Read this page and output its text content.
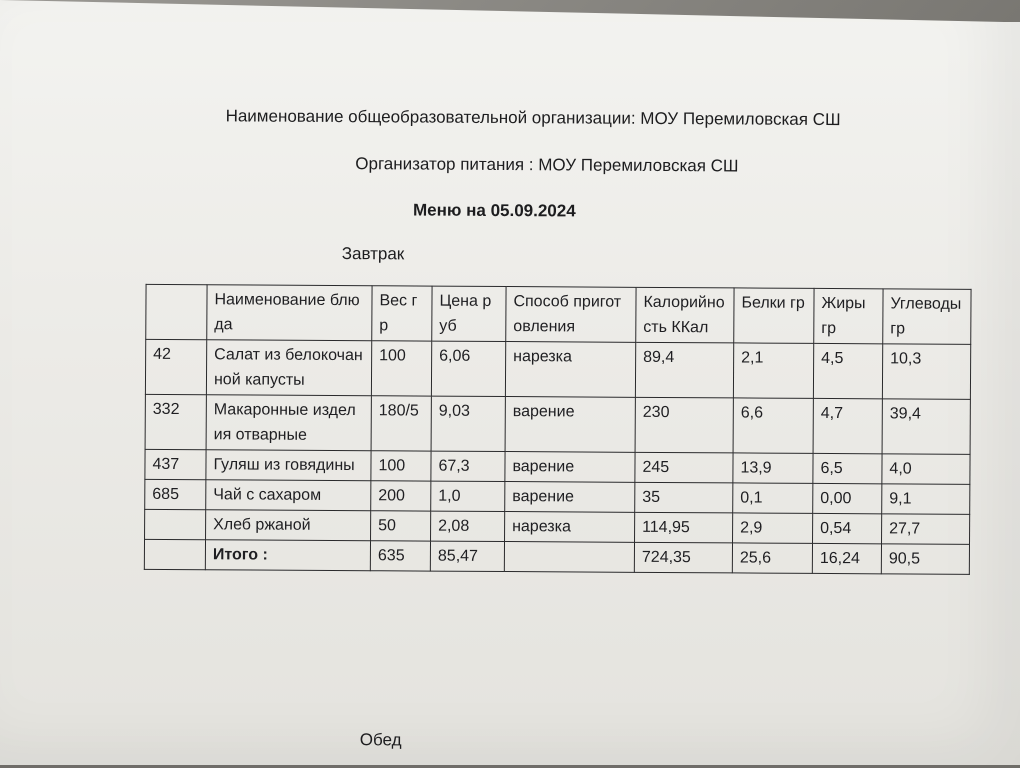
Наименование общеобразовательной организации: МОУ Перемиловская СШ
Организатор питания : МОУ Перемиловская СШ
Меню на 05.09.2024
Завтрак
	Наименование блюда	Вес гр	Цена руб	Способ приготовления	Калорийность ККал	Белки гр	Жиры гр	Углеводы гр
42	Салат из белокочанной капусты	100	6,06	нарезка	89,4	2,1	4,5	10,3
332	Макаронные изделия отварные	180/5	9,03	варение	230	6,6	4,7	39,4
437	Гуляш из говядины	100	67,3	варение	245	13,9	6,5	4,0
685	Чай с сахаром	200	1,0	варение	35	0,1	0,00	9,1
	Хлеб ржаной	50	2,08	нарезка	114,95	2,9	0,54	27,7
	Итого :	635	85,47		724,35	25,6	16,24	90,5
Обед
